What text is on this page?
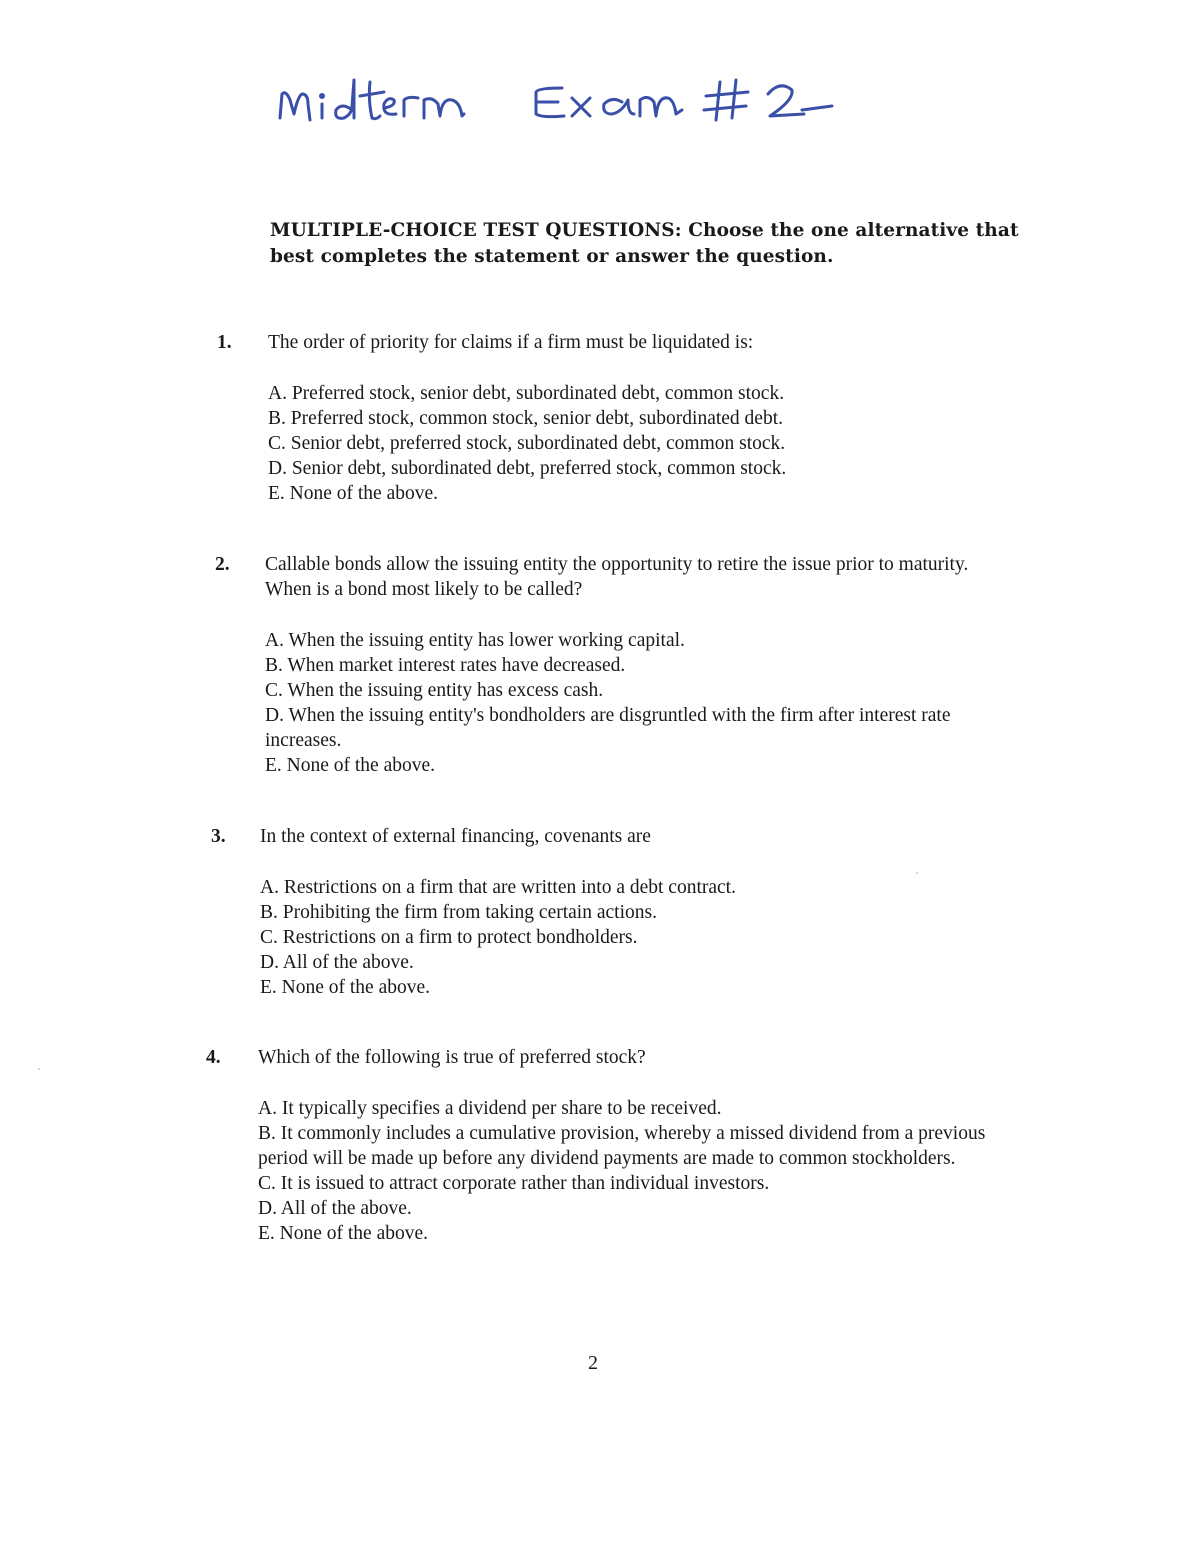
MULTIPLE-CHOICE TEST QUESTIONS: Choose the one alternative that best completes the statement or answer the question.
1. The order of priority for claims if a firm must be liquidated is:
A. Preferred stock, senior debt, subordinated debt, common stock.
B. Preferred stock, common stock, senior debt, subordinated debt.
C. Senior debt, preferred stock, subordinated debt, common stock.
D. Senior debt, subordinated debt, preferred stock, common stock.
E. None of the above.
2. Callable bonds allow the issuing entity the opportunity to retire the issue prior to maturity. When is a bond most likely to be called?
A. When the issuing entity has lower working capital.
B. When market interest rates have decreased.
C. When the issuing entity has excess cash.
D. When the issuing entity's bondholders are disgruntled with the firm after interest rate increases.
E. None of the above.
3. In the context of external financing, covenants are
A. Restrictions on a firm that are written into a debt contract.
B. Prohibiting the firm from taking certain actions.
C. Restrictions on a firm to protect bondholders.
D. All of the above.
E. None of the above.
4. Which of the following is true of preferred stock?
A. It typically specifies a dividend per share to be received.
B. It commonly includes a cumulative provision, whereby a missed dividend from a previous period will be made up before any dividend payments are made to common stockholders.
C. It is issued to attract corporate rather than individual investors.
D. All of the above.
E. None of the above.
2
